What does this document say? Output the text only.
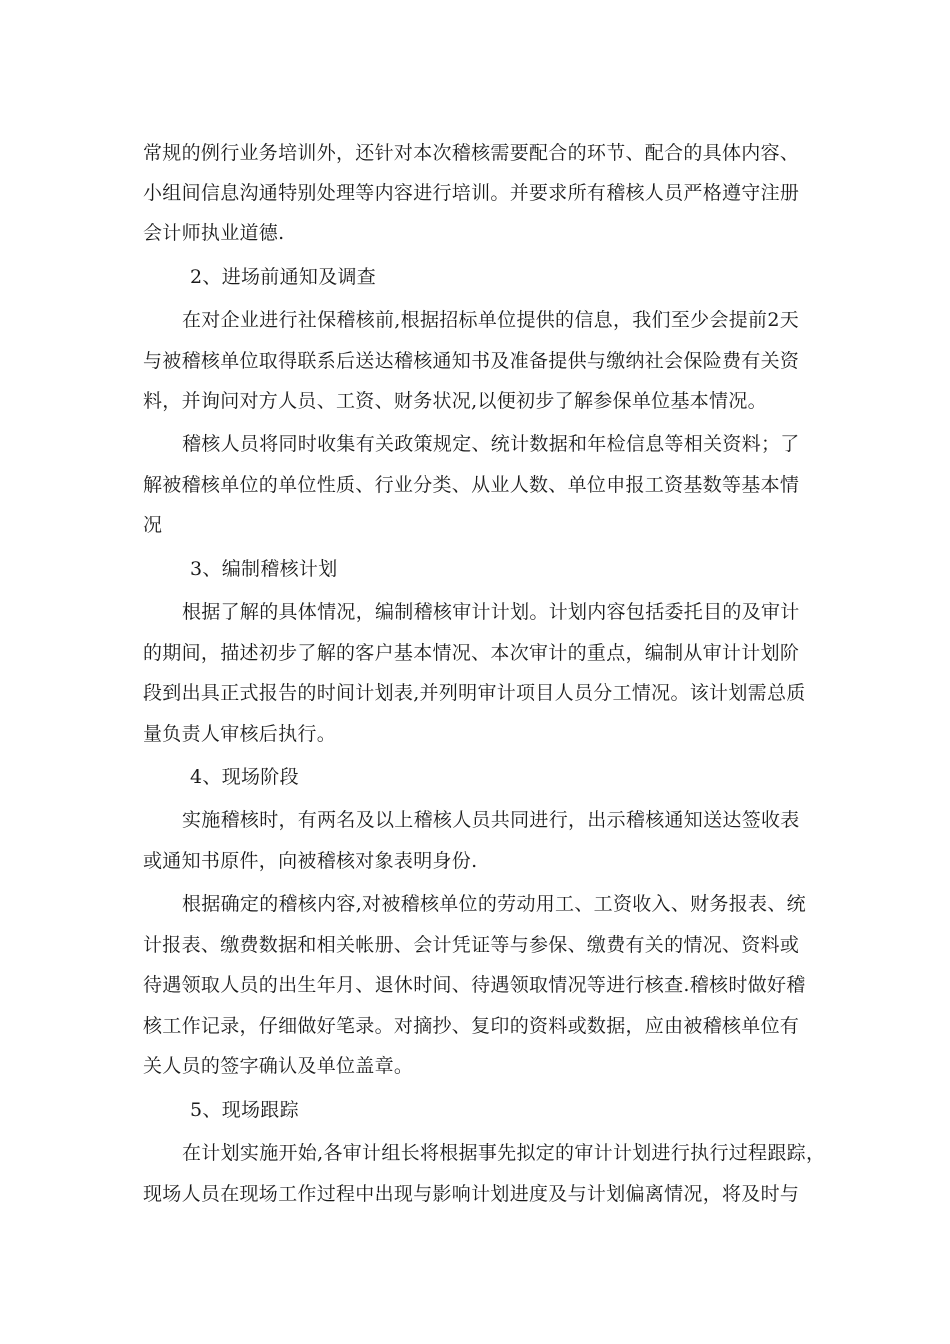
常规的例行业务培训外，还针对本次稽核需要配合的环节、配合的具体内容、
小组间信息沟通特别处理等内容进行培训。并要求所有稽核人员严格遵守注册
会计师执业道德.
2、进场前通知及调查
在对企业进行社保稽核前,根据招标单位提供的信息，我们至少会提前2天
与被稽核单位取得联系后送达稽核通知书及准备提供与缴纳社会保险费有关资
料，并询问对方人员、工资、财务状况,以便初步了解参保单位基本情况。
稽核人员将同时收集有关政策规定、统计数据和年检信息等相关资料；了
解被稽核单位的单位性质、行业分类、从业人数、单位申报工资基数等基本情
况
3、编制稽核计划
根据了解的具体情况，编制稽核审计计划。计划内容包括委托目的及审计
的期间，描述初步了解的客户基本情况、本次审计的重点，编制从审计计划阶
段到出具正式报告的时间计划表,并列明审计项目人员分工情况。该计划需总质
量负责人审核后执行。
4、现场阶段
实施稽核时，有两名及以上稽核人员共同进行，出示稽核通知送达签收表
或通知书原件，向被稽核对象表明身份.
根据确定的稽核内容,对被稽核单位的劳动用工、工资收入、财务报表、统
计报表、缴费数据和相关帐册、会计凭证等与参保、缴费有关的情况、资料或
待遇领取人员的出生年月、退休时间、待遇领取情况等进行核查.稽核时做好稽
核工作记录，仔细做好笔录。对摘抄、复印的资料或数据，应由被稽核单位有
关人员的签字确认及单位盖章。
5、现场跟踪
在计划实施开始,各审计组长将根据事先拟定的审计计划进行执行过程跟踪，
现场人员在现场工作过程中出现与影响计划进度及与计划偏离情况，将及时与
